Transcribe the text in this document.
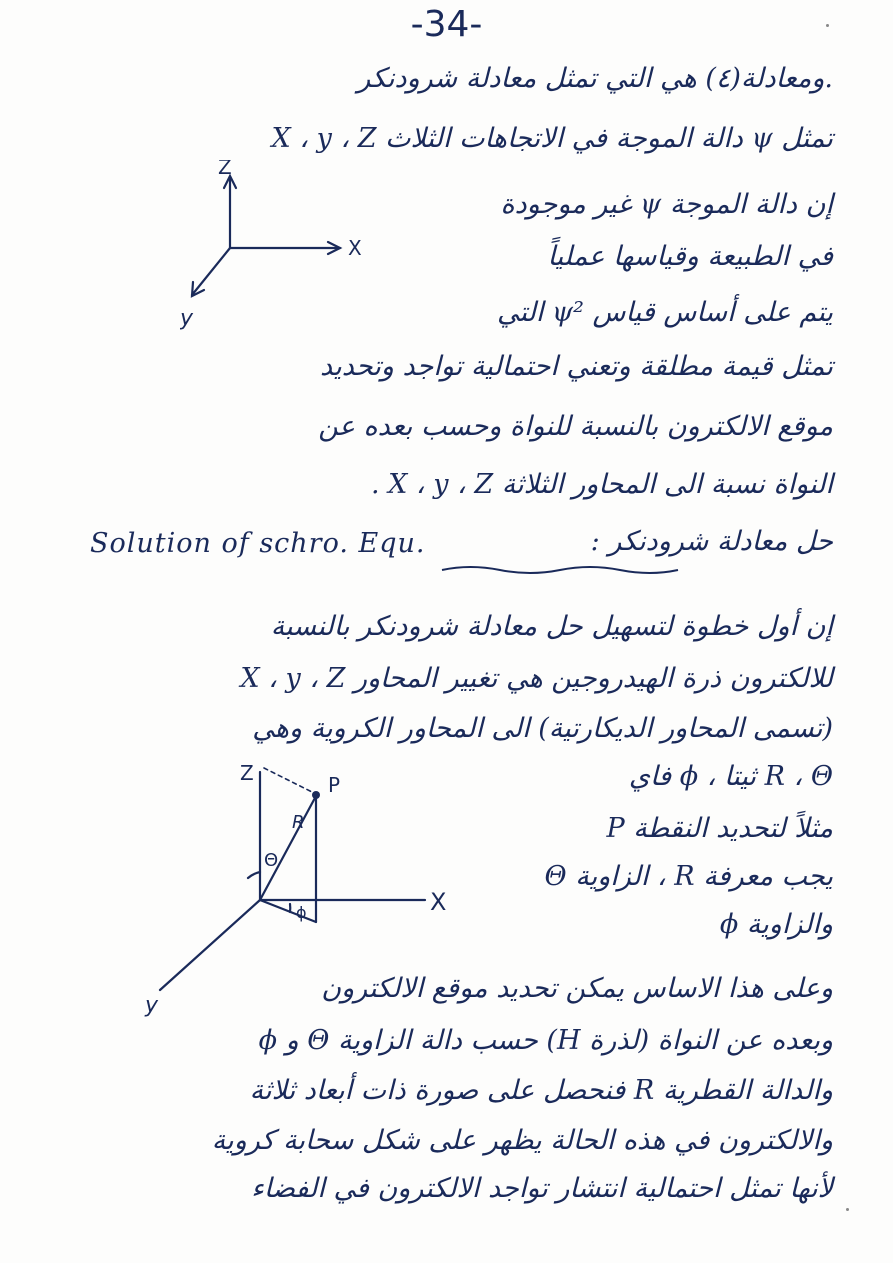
-34-
.ومعادلة(٤) هي التي تمثل معادلة شرودنكر
تمثل ψ دالة الموجة في الاتجاهات الثلاث X ، y ، Z
Z
X
y
إن دالة الموجة ψ غير موجودة
في الطبيعة وقياسها عملياً
يتم على أساس قياس ψ² التي
تمثل قيمة مطلقة وتعني احتمالية تواجد وتحديد
موقع الالكترون بالنسبة للنواة وحسب بعده عن
النواة نسبة الى المحاور الثلاثة X ، y ، Z .
حل معادلة شرودنكر :
Solution of schro. Equ.
إن أول خطوة لتسهيل حل معادلة شرودنكر بالنسبة
للالكترون ذرة الهيدروجين هي تغيير المحاور X ، y ، Z
(تسمى المحاور الديكارتية) الى المحاور الكروية وهي
R ، Θ ثيتا ، ϕ فاي
Z
X
y
P
R
Θ
ϕ
مثلاً لتحديد النقطة P
يجب معرفة R ، الزاوية Θ
والزاوية ϕ
وعلى هذا الاساس يمكن تحديد موقع الالكترون
وبعده عن النواة (لذرة H) حسب دالة الزاوية Θ و ϕ
والدالة القطرية R فنحصل على صورة ذات أبعاد ثلاثة
والالكترون في هذه الحالة يظهر على شكل سحابة كروية
لأنها تمثل احتمالية انتشار تواجد الالكترون في الفضاء
